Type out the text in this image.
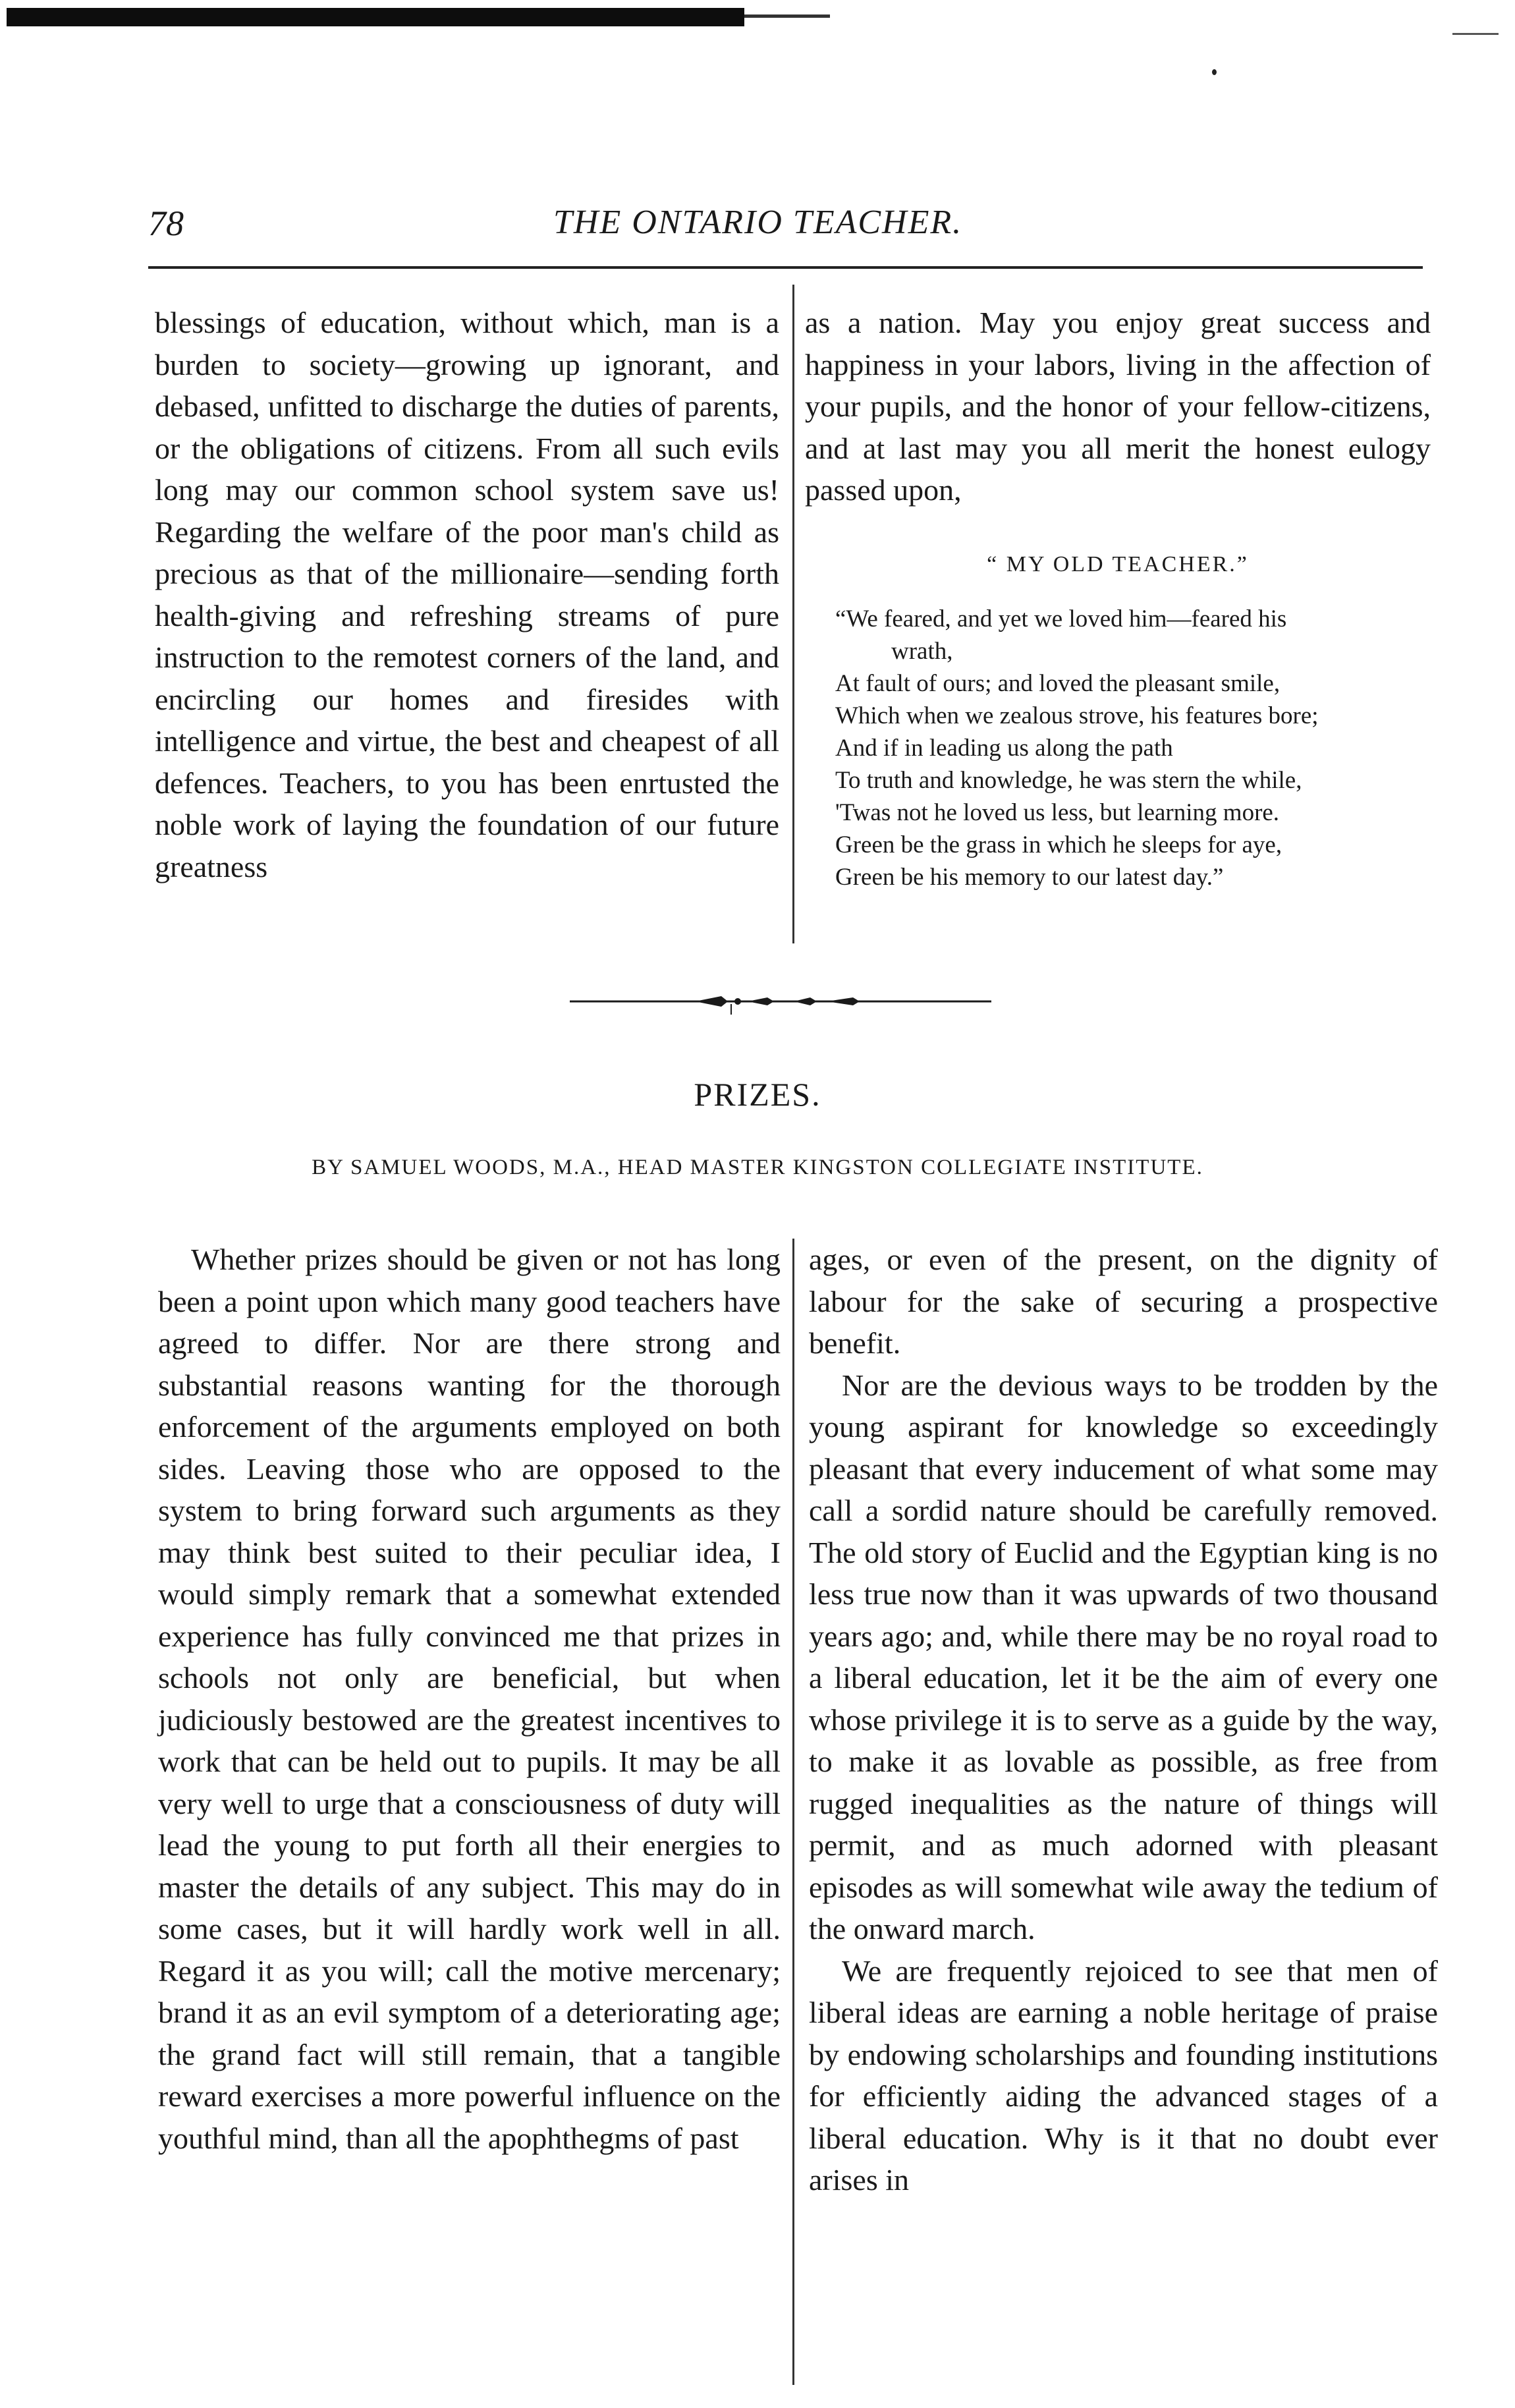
78	THE ONTARIO TEACHER.

blessings of education, without which, man is a burden to society—growing up ignorant, and debased, unfitted to discharge the duties of parents, or the obligations of citizens. From all such evils long may our common school system save us! Regarding the welfare of the poor man's child as precious as that of the millionaire—sending forth health-giving and refreshing streams of pure instruction to the remotest corners of the land, and encircling our homes and firesides with intelligence and virtue, the best and cheapest of all defences. Teachers, to you has been enrtusted the noble work of laying the foundation of our future greatness

as a nation. May you enjoy great success and happiness in your labors, living in the affection of your pupils, and the honor of your fellow-citizens, and at last may you all merit the honest eulogy passed upon,

“ MY OLD TEACHER.”
“We feared, and yet we loved him—feared his
wrath,
At fault of ours; and loved the pleasant smile,
Which when we zealous strove, his features bore;
And if in leading us along the path
To truth and knowledge, he was stern the while,
'Twas not he loved us less, but learning more.
Green be the grass in which he sleeps for aye,
Green be his memory to our latest day.”
PRIZES.
BY SAMUEL WOODS, M.A., HEAD MASTER KINGSTON COLLEGIATE INSTITUTE.

Whether prizes should be given or not has long been a point upon which many good teachers have agreed to differ. Nor are there strong and substantial reasons wanting for the thorough enforcement of the arguments employed on both sides. Leaving those who are opposed to the system to bring forward such arguments as they may think best suited to their peculiar idea, I would simply remark that a somewhat extended experience has fully convinced me that prizes in schools not only are beneficial, but when judiciously bestowed are the greatest incentives to work that can be held out to pupils. It may be all very well to urge that a consciousness of duty will lead the young to put forth all their energies to master the details of any subject. This may do in some cases, but it will hardly work well in all. Regard it as you will; call the motive mercenary; brand it as an evil symptom of a deteriorating age; the grand fact will still remain, that a tangible reward exercises a more powerful influence on the youthful mind, than all the apophthegms of past

ages, or even of the present, on the dignity of labour for the sake of securing a prospective benefit.

Nor are the devious ways to be trodden by the young aspirant for knowledge so exceedingly pleasant that every inducement of what some may call a sordid nature should be carefully removed. The old story of Euclid and the Egyptian king is no less true now than it was upwards of two thousand years ago; and, while there may be no royal road to a liberal education, let it be the aim of every one whose privilege it is to serve as a guide by the way, to make it as lovable as possible, as free from rugged inequalities as the nature of things will permit, and as much adorned with pleasant episodes as will somewhat wile away the tedium of the onward march.

We are frequently rejoiced to see that men of liberal ideas are earning a noble heritage of praise by endowing scholarships and founding institutions for efficiently aiding the advanced stages of a liberal education. Why is it that no doubt ever arises in
